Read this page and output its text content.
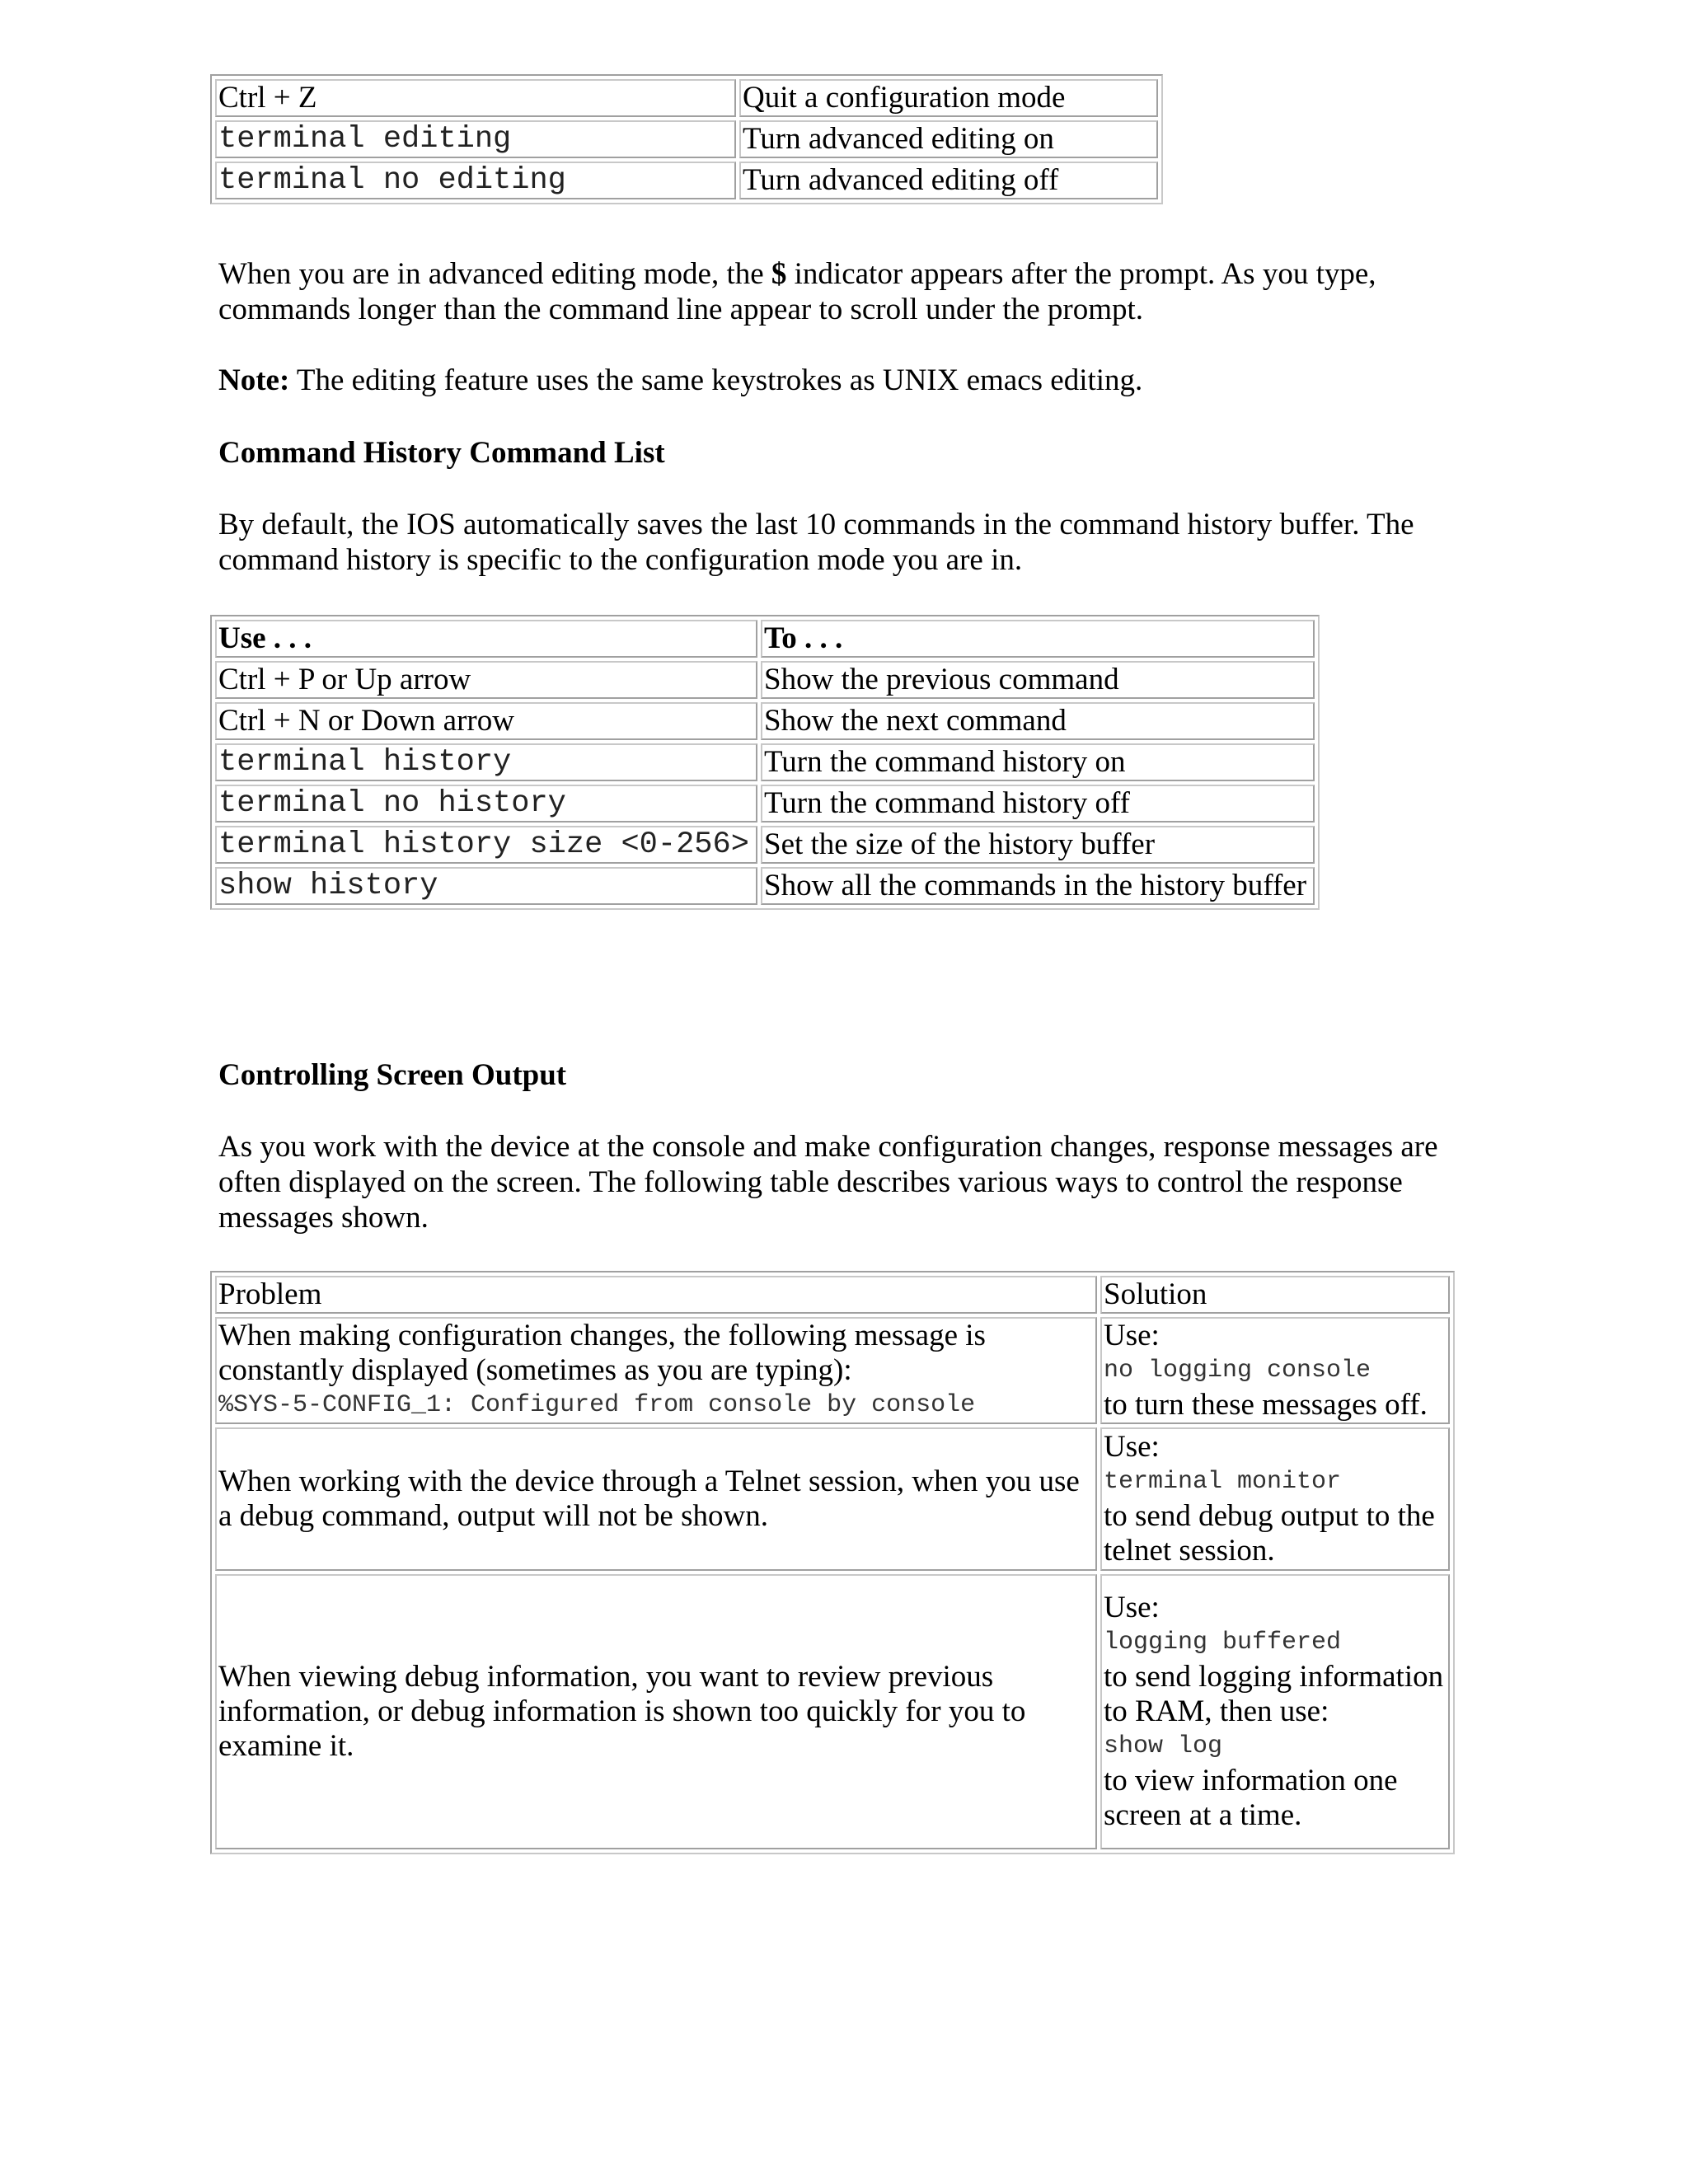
Ctrl + Z	Quit a configuration mode
terminal editing	Turn advanced editing on
terminal no editing	Turn advanced editing off

When you are in advanced editing mode, the $ indicator appears after the prompt. As you type, commands longer than the command line appear to scroll under the prompt.

Note: The editing feature uses the same keystrokes as UNIX emacs editing.

Command History Command List

By default, the IOS automatically saves the last 10 commands in the command history buffer. The command history is specific to the configuration mode you are in.

Use . . .	To . . .
Ctrl + P or Up arrow	Show the previous command
Ctrl + N or Down arrow	Show the next command
terminal history	Turn the command history on
terminal no history	Turn the command history off
terminal history size <0-256>	Set the size of the history buffer
show history	Show all the commands in the history buffer

Controlling Screen Output

As you work with the device at the console and make configuration changes, response messages are often displayed on the screen. The following table describes various ways to control the response messages shown.

Problem	Solution
When making configuration changes, the following message is constantly displayed (sometimes as you are typing):
%SYS-5-CONFIG_1: Configured from console by console	Use:
no logging console
to turn these messages off.
When working with the device through a Telnet session, when you use a debug command, output will not be shown.	Use:
terminal monitor
to send debug output to the telnet session.
When viewing debug information, you want to review previous information, or debug information is shown too quickly for you to examine it.	Use:
logging buffered
to send logging information to RAM, then use:
show log
to view information one screen at a time.
